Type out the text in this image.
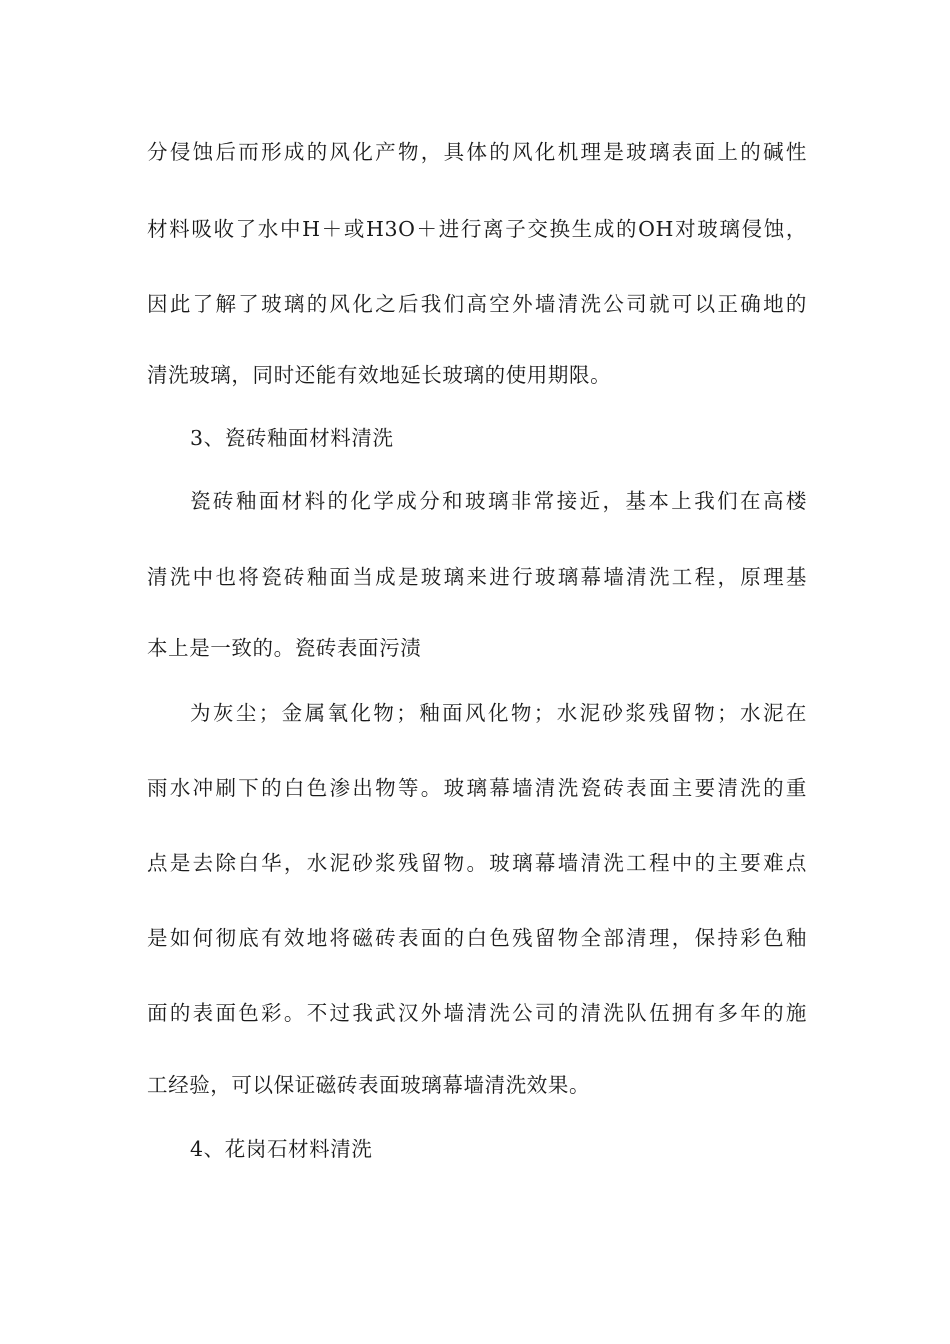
分侵蚀后而形成的风化产物，具体的风化机理是玻璃表面上的碱性
材料吸收了水中H＋或H3O＋进行离子交换生成的OH对玻璃侵蚀，
因此了解了玻璃的风化之后我们高空外墙清洗公司就可以正确地的
清洗玻璃，同时还能有效地延长玻璃的使用期限。
3、瓷砖釉面材料清洗
瓷砖釉面材料的化学成分和玻璃非常接近，基本上我们在高楼
清洗中也将瓷砖釉面当成是玻璃来进行玻璃幕墙清洗工程，原理基
本上是一致的。瓷砖表面污渍
为灰尘；金属氧化物；釉面风化物；水泥砂浆残留物；水泥在
雨水冲刷下的白色渗出物等。玻璃幕墙清洗瓷砖表面主要清洗的重
点是去除白华，水泥砂浆残留物。玻璃幕墙清洗工程中的主要难点
是如何彻底有效地将磁砖表面的白色残留物全部清理，保持彩色釉
面的表面色彩。不过我武汉外墙清洗公司的清洗队伍拥有多年的施
工经验，可以保证磁砖表面玻璃幕墙清洗效果。
4、花岗石材料清洗
